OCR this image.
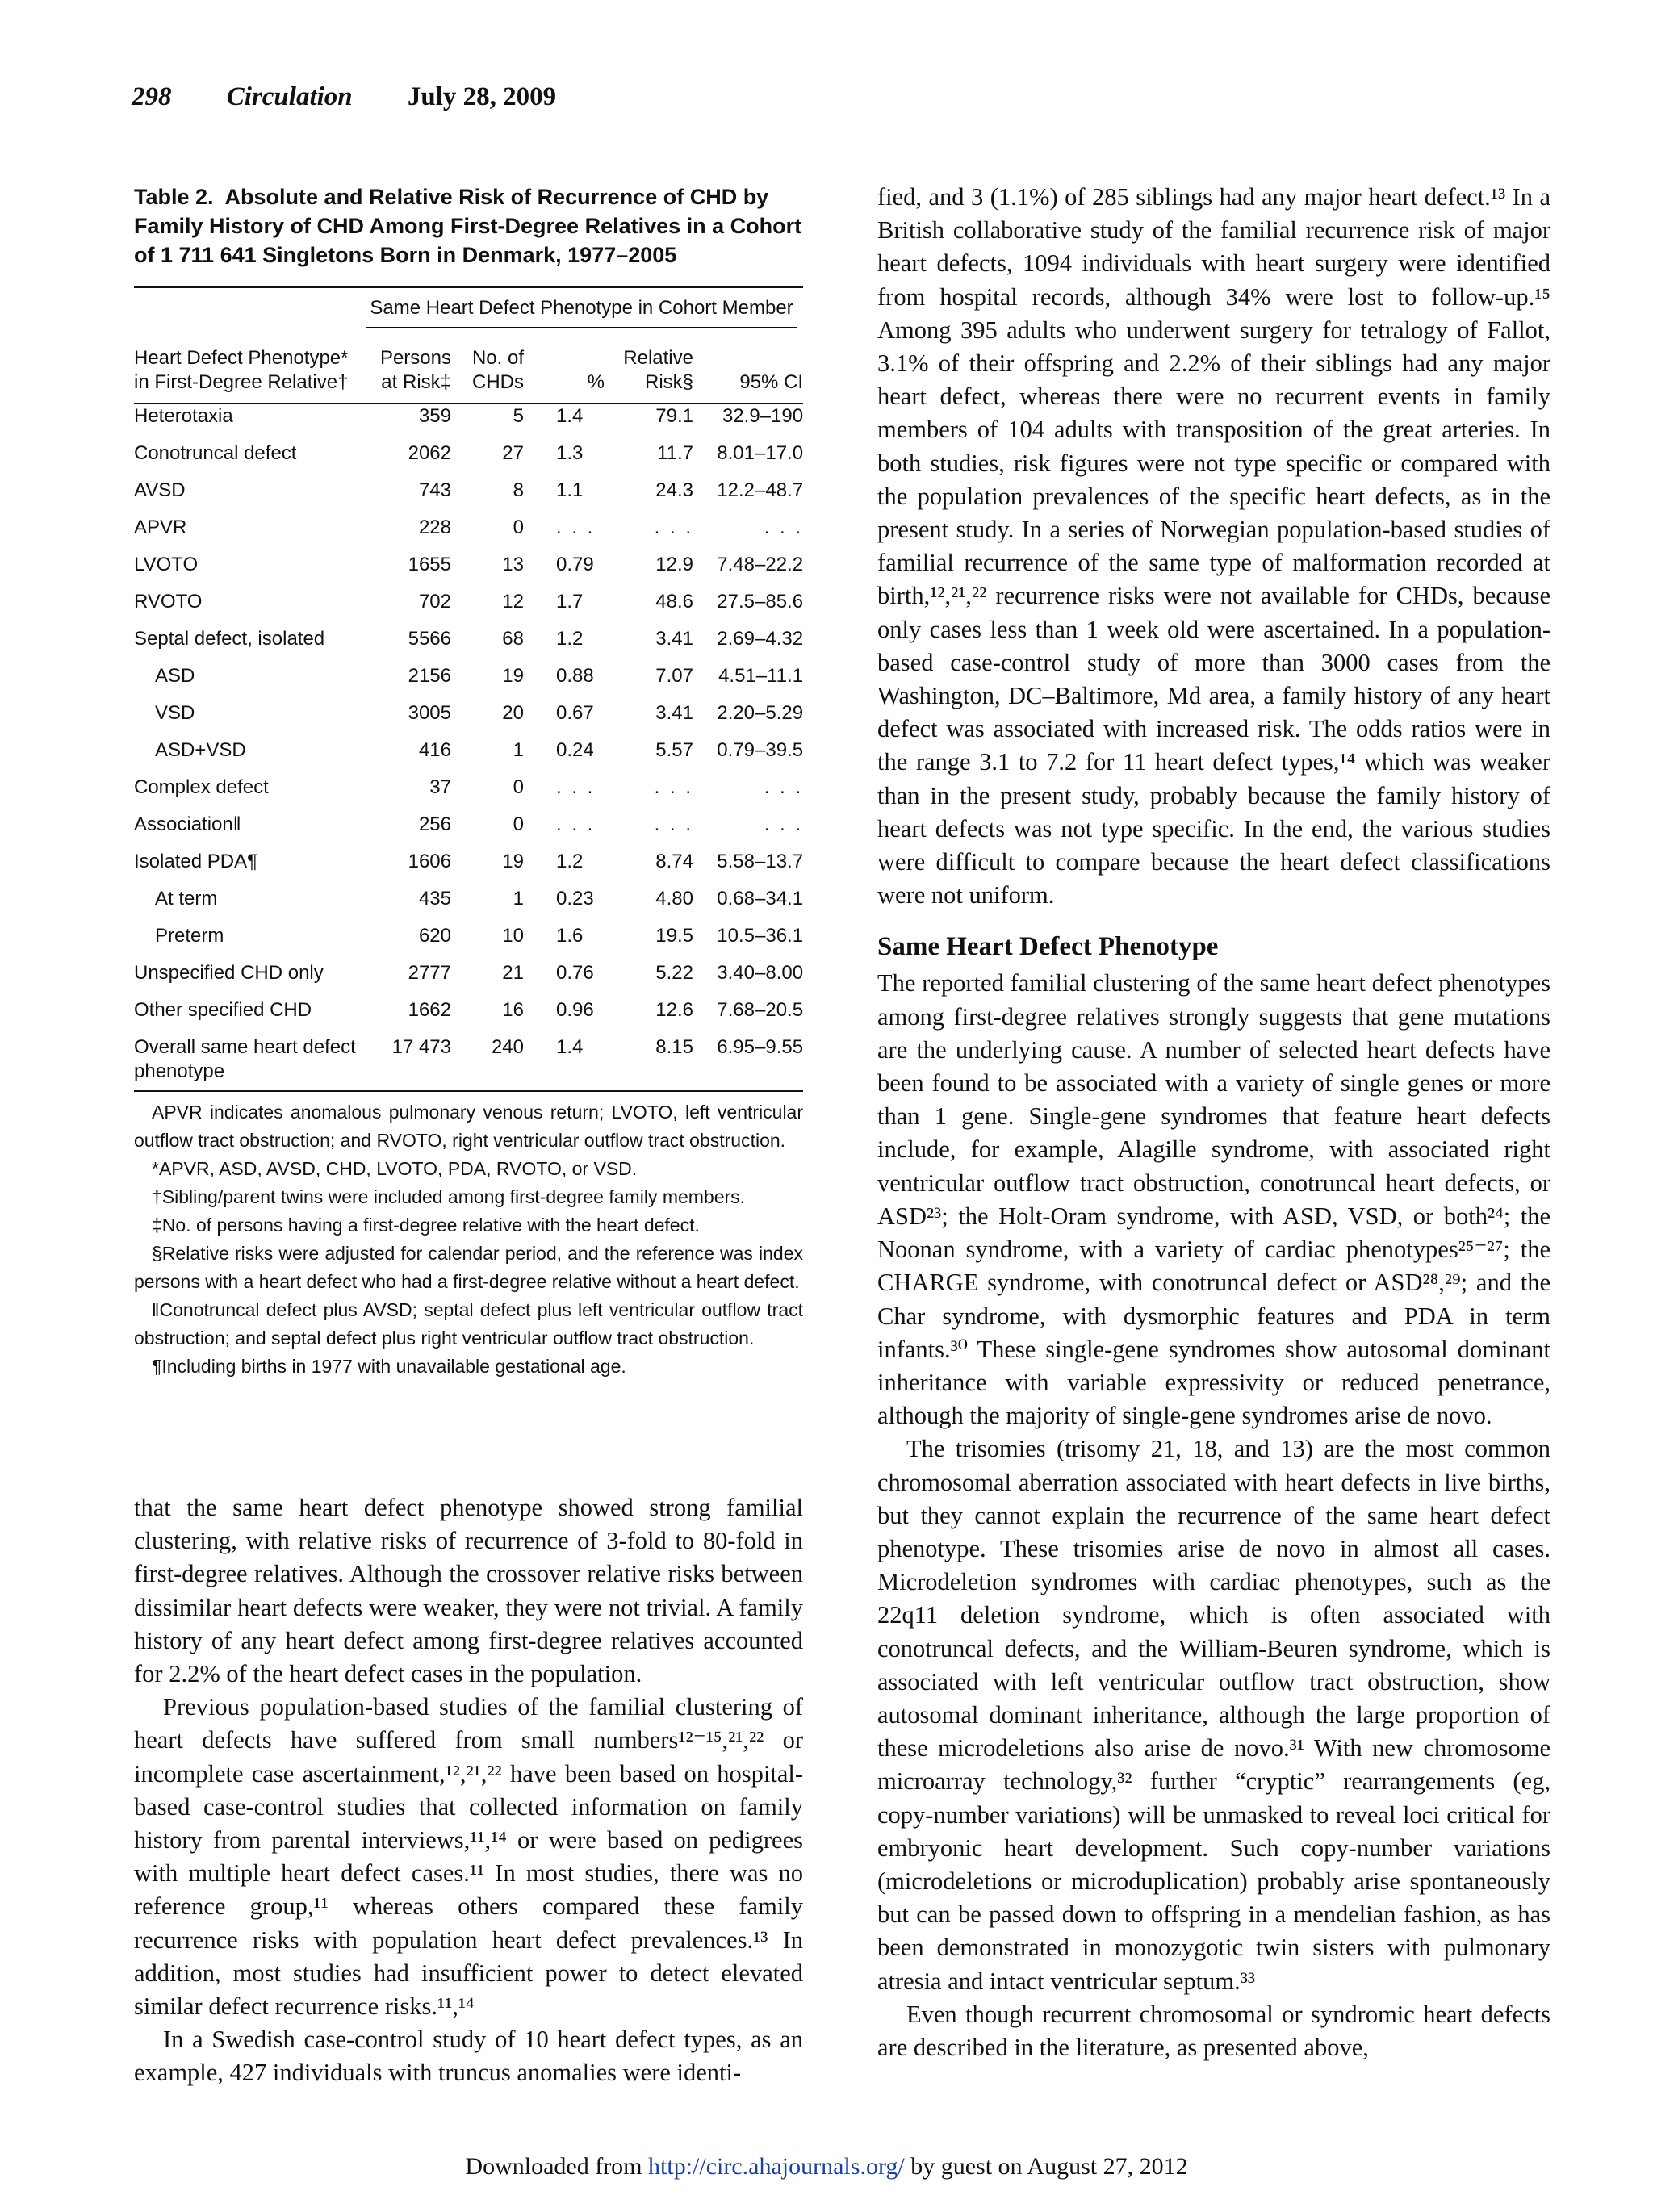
298 Circulation July 28, 2009
Table 2. Absolute and Relative Risk of Recurrence of CHD by Family History of CHD Among First-Degree Relatives in a Cohort of 1 711 641 Singletons Born in Denmark, 1977–2005
	Same Heart Defect Phenotype in Cohort Member				
Heart Defect Phenotype* in First-Degree Relative†	Persons at Risk‡	No. of CHDs	%	Relative Risk§	95% CI
Heterotaxia	359	5	1.4	79.1	32.9–190
Conotruncal defect	2062	27	1.3	11.7	8.01–17.0
AVSD	743	8	1.1	24.3	12.2–48.7
APVR	228	0	. . .	. . .	. . .
LVOTO	1655	13	0.79	12.9	7.48–22.2
RVOTO	702	12	1.7	48.6	27.5–85.6
Septal defect, isolated	5566	68	1.2	3.41	2.69–4.32
ASD	2156	19	0.88	7.07	4.51–11.1
VSD	3005	20	0.67	3.41	2.20–5.29
ASD+VSD	416	1	0.24	5.57	0.79–39.5
Complex defect	37	0	. . .	. . .	. . .
Association‖	256	0	. . .	. . .	. . .
Isolated PDA¶	1606	19	1.2	8.74	5.58–13.7
At term	435	1	0.23	4.80	0.68–34.1
Preterm	620	10	1.6	19.5	10.5–36.1
Unspecified CHD only	2777	21	0.76	5.22	3.40–8.00
Other specified CHD	1662	16	0.96	12.6	7.68–20.5
Overall same heart defect phenotype	17 473	240	1.4	8.15	6.95–9.55

APVR indicates anomalous pulmonary venous return; LVOTO, left ventricular outflow tract obstruction; and RVOTO, right ventricular outflow tract obstruction.

*APVR, ASD, AVSD, CHD, LVOTO, PDA, RVOTO, or VSD.

†Sibling/parent twins were included among first-degree family members.

‡No. of persons having a first-degree relative with the heart defect.

§Relative risks were adjusted for calendar period, and the reference was index persons with a heart defect who had a first-degree relative without a heart defect.

‖Conotruncal defect plus AVSD; septal defect plus left ventricular outflow tract obstruction; and septal defect plus right ventricular outflow tract obstruction.

¶Including births in 1977 with unavailable gestational age.

that the same heart defect phenotype showed strong familial clustering, with relative risks of recurrence of 3-fold to 80-fold in first-degree relatives. Although the crossover relative risks between dissimilar heart defects were weaker, they were not trivial. A family history of any heart defect among first-degree relatives accounted for 2.2% of the heart defect cases in the population.

Previous population-based studies of the familial clustering of heart defects have suffered from small numbers¹²⁻¹⁵,²¹,²² or incomplete case ascertainment,¹²,²¹,²² have been based on hospital-based case-control studies that collected information on family history from parental interviews,¹¹,¹⁴ or were based on pedigrees with multiple heart defect cases.¹¹ In most studies, there was no reference group,¹¹ whereas others compared these family recurrence risks with population heart defect prevalences.¹³ In addition, most studies had insufficient power to detect elevated similar defect recurrence risks.¹¹,¹⁴

In a Swedish case-control study of 10 heart defect types, as an example, 427 individuals with truncus anomalies were identi-

fied, and 3 (1.1%) of 285 siblings had any major heart defect.¹³ In a British collaborative study of the familial recurrence risk of major heart defects, 1094 individuals with heart surgery were identified from hospital records, although 34% were lost to follow-up.¹⁵ Among 395 adults who underwent surgery for tetralogy of Fallot, 3.1% of their offspring and 2.2% of their siblings had any major heart defect, whereas there were no recurrent events in family members of 104 adults with transposition of the great arteries. In both studies, risk figures were not type specific or compared with the population prevalences of the specific heart defects, as in the present study. In a series of Norwegian population-based studies of familial recurrence of the same type of malformation recorded at birth,¹²,²¹,²² recurrence risks were not available for CHDs, because only cases less than 1 week old were ascertained. In a population-based case-control study of more than 3000 cases from the Washington, DC–Baltimore, Md area, a family history of any heart defect was associated with increased risk. The odds ratios were in the range 3.1 to 7.2 for 11 heart defect types,¹⁴ which was weaker than in the present study, probably because the family history of heart defects was not type specific. In the end, the various studies were difficult to compare because the heart defect classifications were not uniform.

Same Heart Defect Phenotype

The reported familial clustering of the same heart defect phenotypes among first-degree relatives strongly suggests that gene mutations are the underlying cause. A number of selected heart defects have been found to be associated with a variety of single genes or more than 1 gene. Single-gene syndromes that feature heart defects include, for example, Alagille syndrome, with associated right ventricular outflow tract obstruction, conotruncal heart defects, or ASD²³; the Holt-Oram syndrome, with ASD, VSD, or both²⁴; the Noonan syndrome, with a variety of cardiac phenotypes²⁵⁻²⁷; the CHARGE syndrome, with conotruncal defect or ASD²⁸,²⁹; and the Char syndrome, with dysmorphic features and PDA in term infants.³⁰ These single-gene syndromes show autosomal dominant inheritance with variable expressivity or reduced penetrance, although the majority of single-gene syndromes arise de novo.

The trisomies (trisomy 21, 18, and 13) are the most common chromosomal aberration associated with heart defects in live births, but they cannot explain the recurrence of the same heart defect phenotype. These trisomies arise de novo in almost all cases. Microdeletion syndromes with cardiac phenotypes, such as the 22q11 deletion syndrome, which is often associated with conotruncal defects, and the William-Beuren syndrome, which is associated with left ventricular outflow tract obstruction, show autosomal dominant inheritance, although the large proportion of these microdeletions also arise de novo.³¹ With new chromosome microarray technology,³² further “cryptic” rearrangements (eg, copy-number variations) will be unmasked to reveal loci critical for embryonic heart development. Such copy-number variations (microdeletions or microduplication) probably arise spontaneously but can be passed down to offspring in a mendelian fashion, as has been demonstrated in monozygotic twin sisters with pulmonary atresia and intact ventricular septum.³³

Even though recurrent chromosomal or syndromic heart defects are described in the literature, as presented above,

Downloaded from http://circ.ahajournals.org/ by guest on August 27, 2012
